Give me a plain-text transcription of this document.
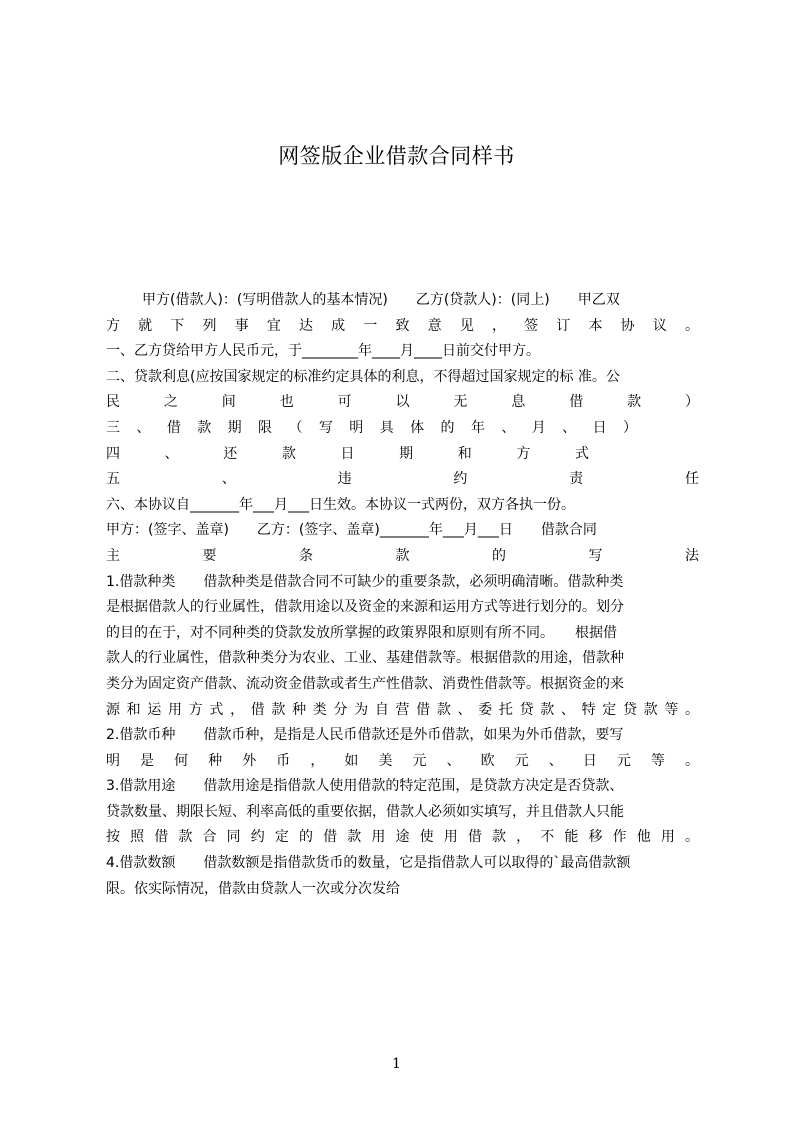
网签版企业借款合同样书
甲方(借款人)：(写明借款人的基本情况)　　乙方(贷款人)：(同上)　　甲乙双
方就下列事宜达成一致意见，签订本协议。
一、乙方贷给甲方人民币元，于________年____月____日前交付甲方。
二、贷款利息(应按国家规定的标准约定具体的利息，不得超过国家规定的标 准。公
民 之 间 也 可 以 无 息 借 款 ）
三 、 借 款 期 限 （ 写 明 具 体 的 年 、 月 、 日 ）
四 、 还 款 日 期 和 方 式
五 、 违 约 责 任
六、本协议自_______年___月___日生效。本协议一式两份，双方各执一份。
甲方：(签字、盖章)　　乙方：(签字、盖章)_______年___月___日　　借款合同
主 要 条 款 的 写 法
1.借款种类　　借款种类是借款合同不可缺少的重要条款，必须明确清晰。借款种类
是根据借款人的行业属性，借款用途以及资金的来源和运用方式等进行划分的。划分
的目的在于，对不同种类的贷款发放所掌握的政策界限和原则有所不同。　　根据借
款人的行业属性，借款种类分为农业、工业、基建借款等。根据借款的用途，借款种
类分为固定资产借款、流动资金借款或者生产性借款、消费性借款等。根据资金的来
源和运用方式，借款种类分为自营借款、委托贷款、特定贷款等。
2.借款币种　　借款币种，是指是人民币借款还是外币借款，如果为外币借款，要写
明 是 何 种 外 币 ， 如 美 元 、 欧 元 、 日 元 等 。
3.借款用途　　借款用途是指借款人使用借款的特定范围，是贷款方决定是否贷款、
贷款数量、期限长短、利率高低的重要依据，借款人必须如实填写，并且借款人只能
按照借款合同约定的借款用途使用借款，不能移作他用。
4.借款数额　　借款数额是指借款货币的数量，它是指借款人可以取得的`最高借款额
限。依实际情况，借款由贷款人一次或分次发给
1
